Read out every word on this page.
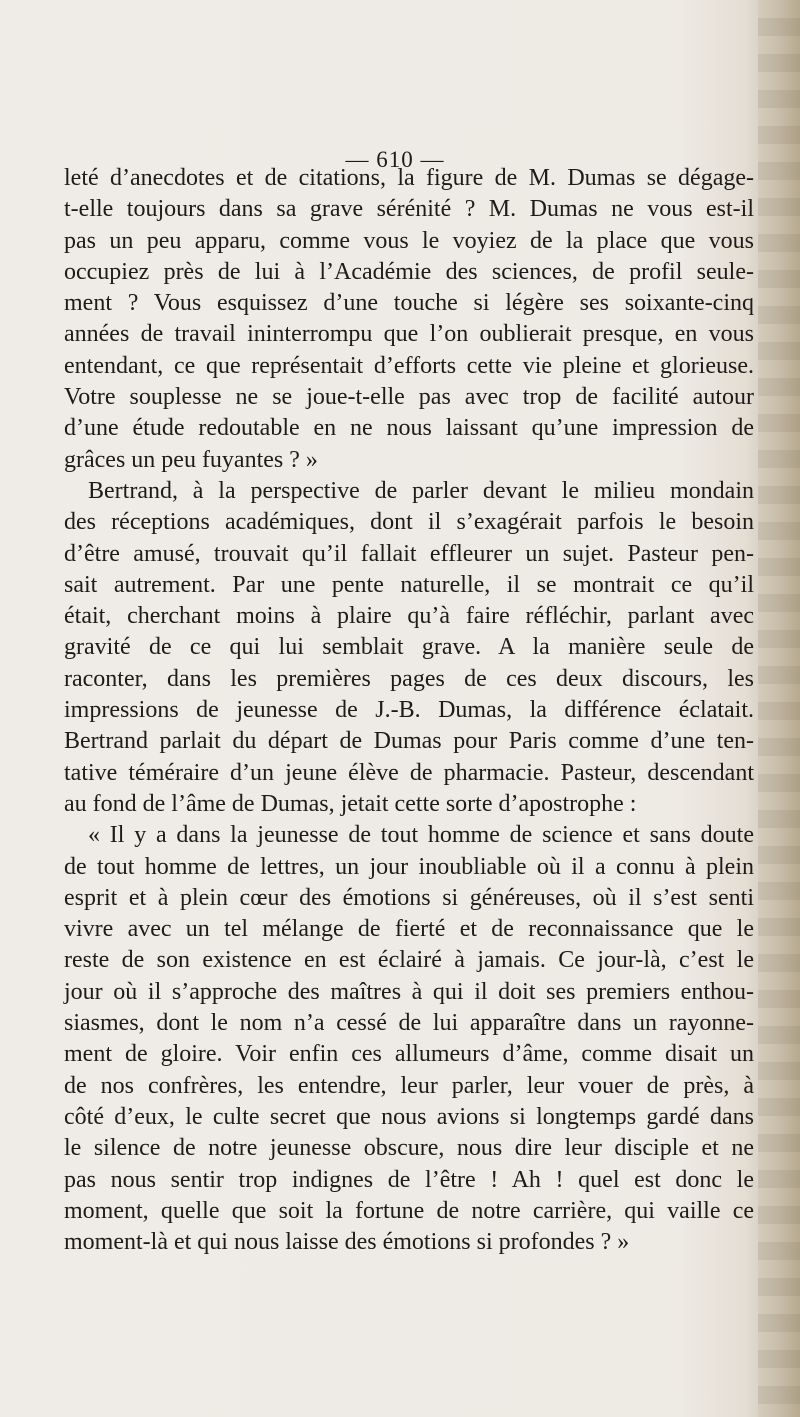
— 610 —

leté d’anecdotes et de citations, la figure de M. Dumas se dégage-
t-elle toujours dans sa grave sérénité ? M. Dumas ne vous est-il
pas un peu apparu, comme vous le voyiez de la place que vous
occupiez près de lui à l’Académie des sciences, de profil seule-
ment ? Vous esquissez d’une touche si légère ses soixante-cinq
années de travail ininterrompu que l’on oublierait presque, en vous
entendant, ce que représentait d’efforts cette vie pleine et glorieuse.
Votre souplesse ne se joue-t-elle pas avec trop de facilité autour
d’une étude redoutable en ne nous laissant qu’une impression de
grâces un peu fuyantes ? »
Bertrand, à la perspective de parler devant le milieu mondain
des réceptions académiques, dont il s’exagérait parfois le besoin
d’être amusé, trouvait qu’il fallait effleurer un sujet. Pasteur pen-
sait autrement. Par une pente naturelle, il se montrait ce qu’il
était, cherchant moins à plaire qu’à faire réfléchir, parlant avec
gravité de ce qui lui semblait grave. A la manière seule de
raconter, dans les premières pages de ces deux discours, les
impressions de jeunesse de J.-B. Dumas, la différence éclatait.
Bertrand parlait du départ de Dumas pour Paris comme d’une ten-
tative téméraire d’un jeune élève de pharmacie. Pasteur, descendant
au fond de l’âme de Dumas, jetait cette sorte d’apostrophe :
« Il y a dans la jeunesse de tout homme de science et sans doute
de tout homme de lettres, un jour inoubliable où il a connu à plein
esprit et à plein cœur des émotions si généreuses, où il s’est senti
vivre avec un tel mélange de fierté et de reconnaissance que le
reste de son existence en est éclairé à jamais. Ce jour-là, c’est le
jour où il s’approche des maîtres à qui il doit ses premiers enthou-
siasmes, dont le nom n’a cessé de lui apparaître dans un rayonne-
ment de gloire. Voir enfin ces allumeurs d’âme, comme disait un
de nos confrères, les entendre, leur parler, leur vouer de près, à
côté d’eux, le culte secret que nous avions si longtemps gardé dans
le silence de notre jeunesse obscure, nous dire leur disciple et ne
pas nous sentir trop indignes de l’être ! Ah ! quel est donc le
moment, quelle que soit la fortune de notre carrière, qui vaille ce
moment-là et qui nous laisse des émotions si profondes ? »
